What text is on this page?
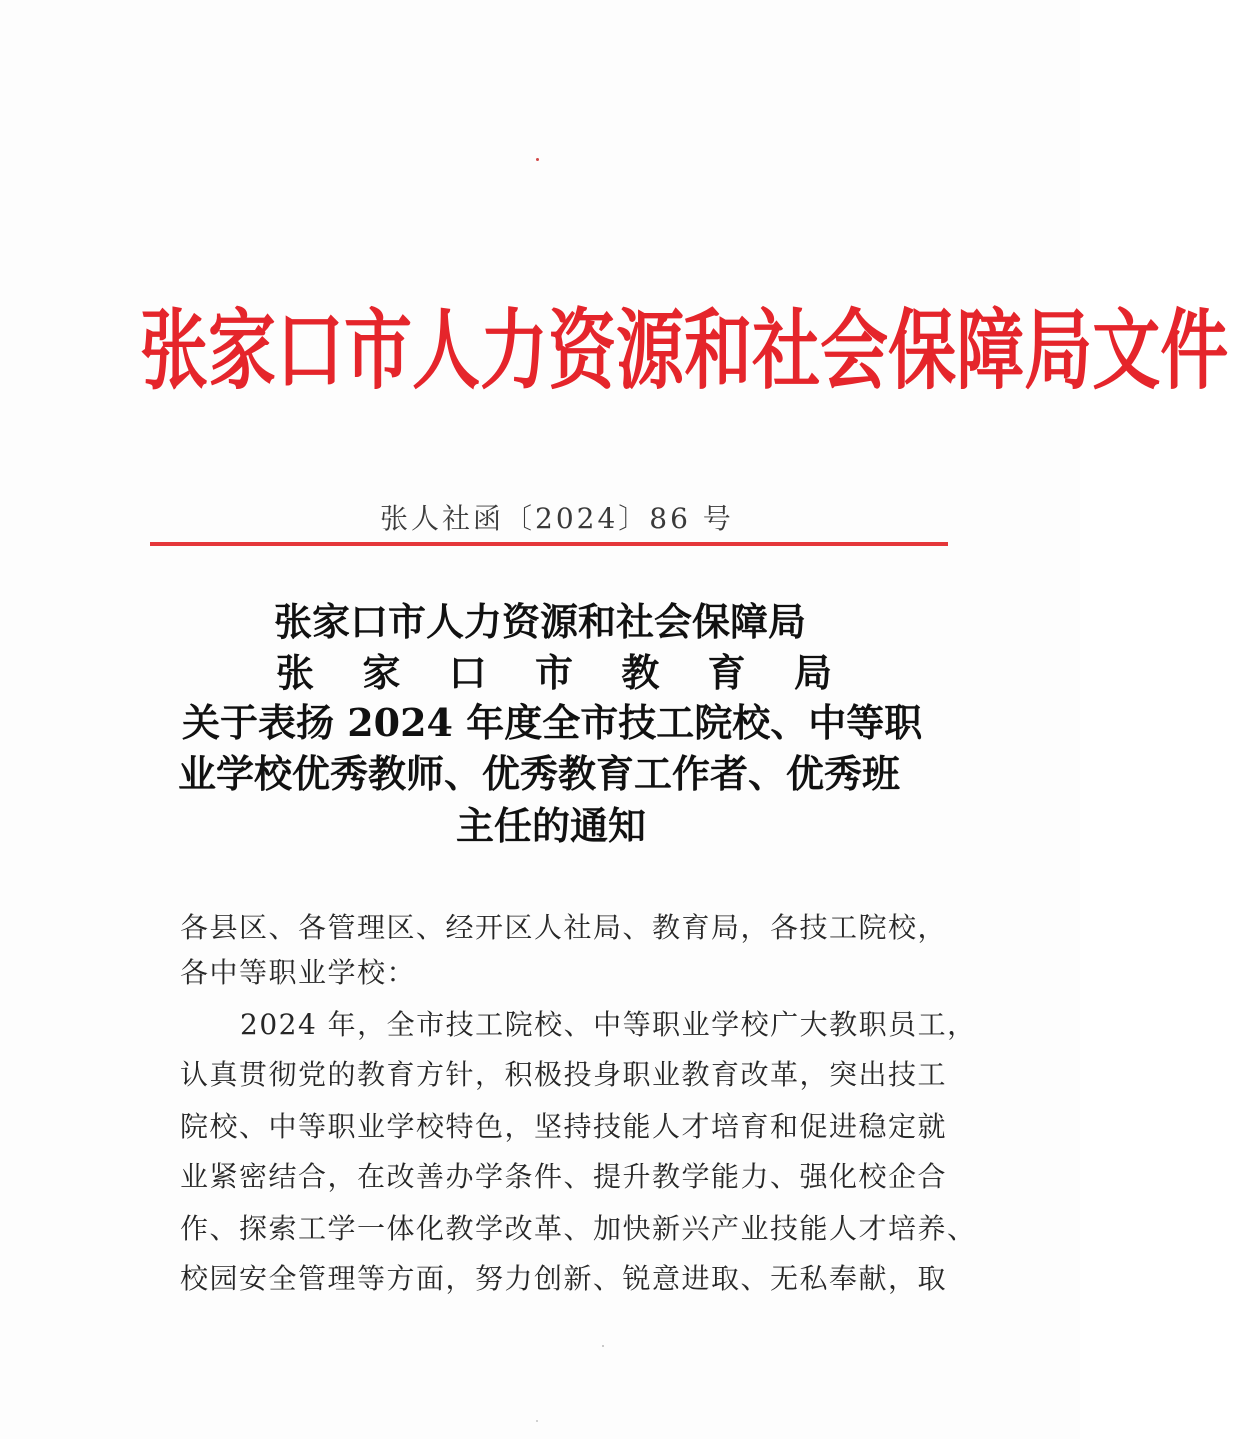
张 家 口 市 人 力 资 源 和 社 会 保 障 局 文 件

张人社函〔2024〕86 号

张家口市人力资源和社会保障局
张 家 口 市 教 育 局
关于表扬 2024 年度全市技工院校、中等职
业学校优秀教师、优秀教育工作者、优秀班
主任的通知

各县区、各管理区、经开区人社局、教育局，各技工院校，

各中等职业学校：

2024 年，全市技工院校、中等职业学校广大教职员工，

认真贯彻党的教育方针，积极投身职业教育改革，突出技工

院校、中等职业学校特色，坚持技能人才培育和促进稳定就

业紧密结合，在改善办学条件、提升教学能力、强化校企合

作、探索工学一体化教学改革、加快新兴产业技能人才培养、

校园安全管理等方面，努力创新、锐意进取、无私奉献，取
